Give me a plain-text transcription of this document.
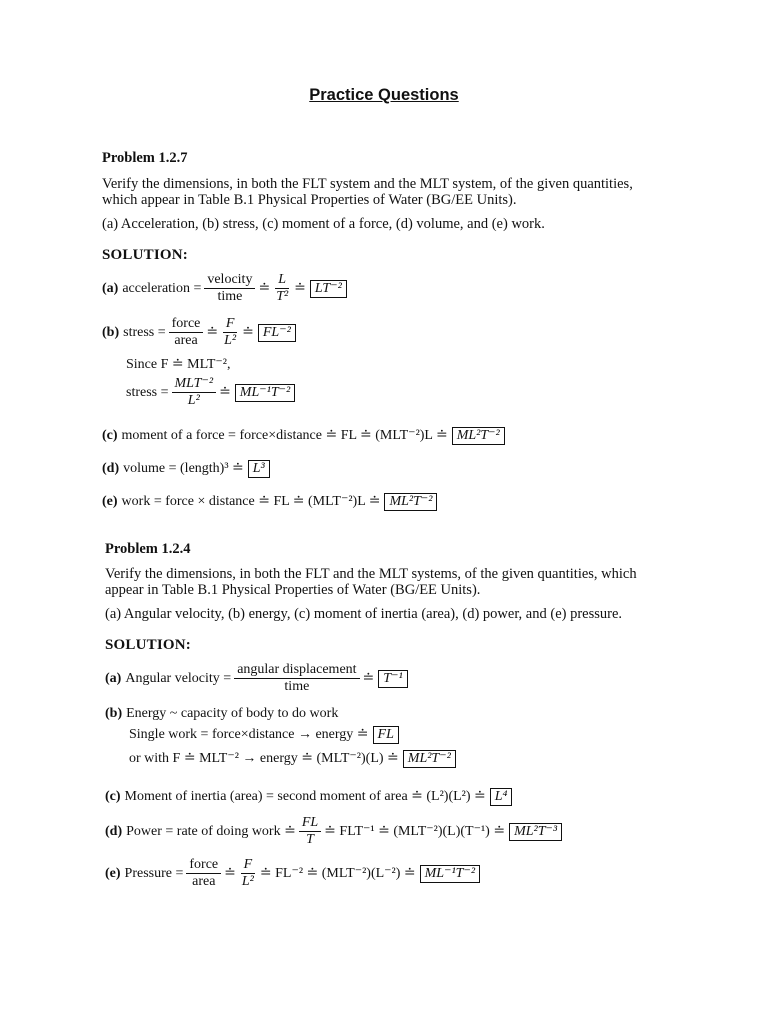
Practice Questions
Problem 1.2.7
Verify the dimensions, in both the FLT system and the MLT system, of the given quantities, which appear in Table B.1 Physical Properties of Water (BG/EE Units).
(a) Acceleration, (b) stress, (c) moment of a force, (d) volume, and (e) work.
SOLUTION:
(a) acceleration = $\frac{\text{velocity}}{\text{time}}$ ≐ $\frac{L}{\text{T²}}$ ≐ LT⁻²
(b) stress = $\frac{\text{force}}{\text{area}}$ ≐ $\frac{F}{\text{L²}}$ ≐ FL⁻²
Since F ≐ MLT⁻²,
stress = $\frac{\text{MLT⁻²}}{\text{L²}}$ ≐ ML⁻¹T⁻²
(c) moment of a force = force×distance ≐ FL ≐ (MLT⁻²)L ≐ ML²T⁻²
(d) volume = (length)³ ≐ L³
(e) work = force × distance ≐ FL ≐ (MLT⁻²)L ≐ ML²T⁻²
Problem 1.2.4
Verify the dimensions, in both the FLT and the MLT systems, of the given quantities, which appear in Table B.1 Physical Properties of Water (BG/EE Units).
(a) Angular velocity, (b) energy, (c) moment of inertia (area), (d) power, and (e) pressure.
SOLUTION:
(a) Angular velocity = $\frac{\text{angular displacement}}{\text{time}}$ ≐ T⁻¹
(b) Energy ~ capacity of body to do work
Single work = force×distance → energy ≐ FL
or with F ≐ MLT⁻² → energy ≐ (MLT⁻²)(L) ≐ ML²T⁻²
(c) Moment of inertia (area) = second moment of area ≐ (L²)(L²) ≐ L⁴
(d) Power = rate of doing work ≐ $\frac{FL}{T}$ ≐ FLT⁻¹ ≐ (MLT⁻²)(L)(T⁻¹) ≐ ML²T⁻³
(e) Pressure = $\frac{\text{force}}{\text{area}}$ ≐ $\frac{F}{\text{L²}}$ ≐ FL⁻² ≐ (MLT⁻²)(L⁻²) ≐ ML⁻¹T⁻²
